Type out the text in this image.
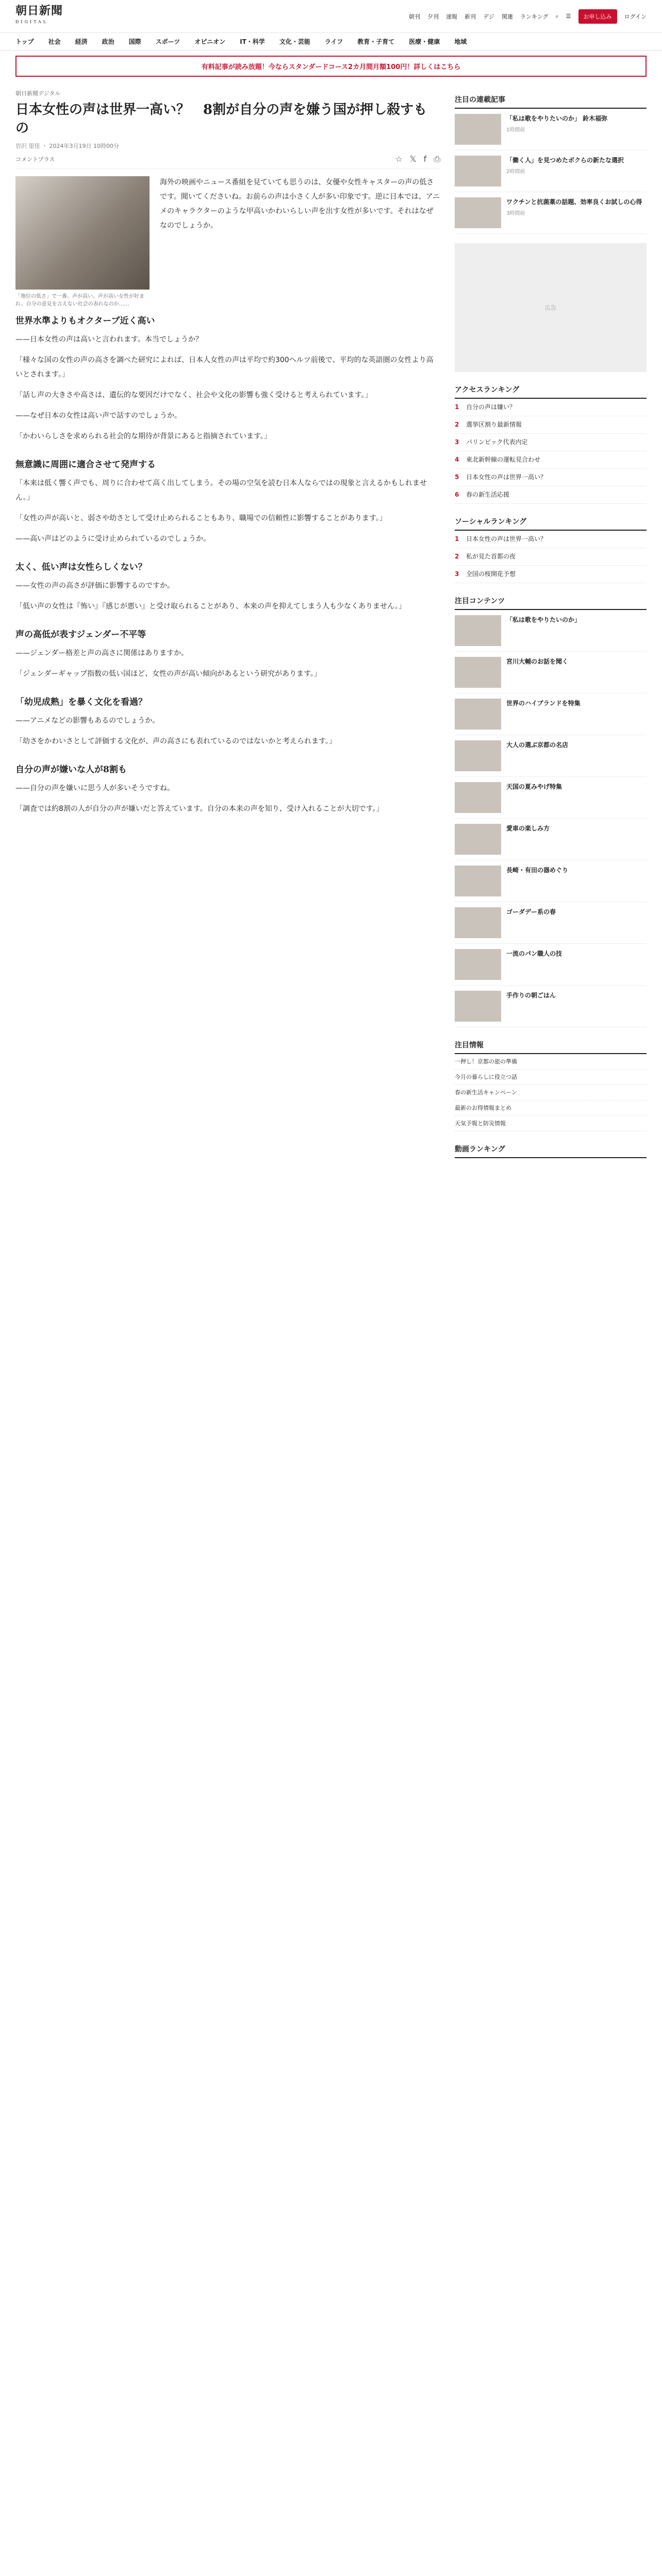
朝日新聞
DIGITAL
朝刊 夕刊 速報 新刊 デジ 関連 ランキング ⌕ ☰	お申し込み	ログイン
トップ 社会 経済 政治 国際 スポーツ オピニオン IT・科学 文化・芸能 ライフ 教育・子育て 医療・健康 地域
有料記事が読み放題！今ならスタンダードコース2カ月間月額100円！詳しくはこちら
朝日新聞デジタル
日本女性の声は世界一高い？　8割が自分の声を嫌う国が押し殺すもの
岩沢 里佳 ・ 2024年3月19日 10時00分
コメントプラス	☆ 𝕏 f ⎙
「地位の低さ」で一番、声が高い。声が高い女性が好まれ、自分の意見を言えない社会の表れなのか……

海外の映画やニュース番組を見ていても思うのは、女優や女性キャスターの声の低さです。聞いてくださいね。お前らの声は小さく人が多い印象です。逆に日本では、アニメのキャラクターのような甲高いかわいらしい声を出す女性が多いです。それはなぜなのでしょうか。

世界水準よりもオクターブ近く高い

——日本女性の声は高いと言われます。本当でしょうか？

「様々な国の女性の声の高さを調べた研究によれば、日本人女性の声は平均で約300ヘルツ前後で、平均的な英語圏の女性より高いとされます。」

「話し声の大きさや高さは、遺伝的な要因だけでなく、社会や文化の影響も強く受けると考えられています。」

——なぜ日本の女性は高い声で話すのでしょうか。

「かわいらしさを求められる社会的な期待が背景にあると指摘されています。」

無意識に周囲に適合させて発声する

「本来は低く響く声でも、周りに合わせて高く出してしまう。その場の空気を読む日本人ならではの現象と言えるかもしれません。」

「女性の声が高いと、弱さや幼さとして受け止められることもあり、職場での信頼性に影響することがあります。」

——高い声はどのように受け止められているのでしょうか。

太く、低い声は女性らしくない？

——女性の声の高さが評価に影響するのですか。

「低い声の女性は『怖い』『感じが悪い』と受け取られることがあり、本来の声を抑えてしまう人も少なくありません。」

声の高低が表すジェンダー不平等

——ジェンダー格差と声の高さに関係はありますか。

「ジェンダーギャップ指数の低い国ほど、女性の声が高い傾向があるという研究があります。」

「幼児成熟」を暴く文化を看過？

——アニメなどの影響もあるのでしょうか。

「幼さをかわいさとして評価する文化が、声の高さにも表れているのではないかと考えられます。」

自分の声が嫌いな人が8割も

——自分の声を嫌いに思う人が多いそうですね。

「調査では約8割の人が自分の声が嫌いだと答えています。自分の本来の声を知り、受け入れることが大切です。」

注目の連載記事
「私は歌をやりたいのか」 鈴木福弥
1時間前
「働く人」を見つめたボクらの新たな選択
2時間前
ワクチンと抗菌薬の話題、効率良くお試しの心得
3時間前
広告
アクセスランキング
1	自分の声は嫌い？
2	選挙区割り最新情報
3	パリンピック代表内定
4	東北新幹線の運転見合わせ
5	日本女性の声は世界一高い？
6	春の新生活応援
ソーシャルランキング
1	日本女性の声は世界一高い？
2	私が見た首都の夜
3	全国の桜開花予想
注目コンテンツ
「私は歌をやりたいのか」
宮川大輔のお話を聞く
世界のハイブランドを特集
大人の選ぶ京都の名店
天国の夏みやげ特集
愛車の楽しみ方
長崎・有田の器めぐり
ゴーダデー系の春
一流のパン職人の技
手作りの朝ごはん
注目情報
一押し！京都の旅の準備
今月の暮らしに役立つ話
春の新生活キャンペーン
最新のお得情報まとめ
天気予報と防災情報
動画ランキング
